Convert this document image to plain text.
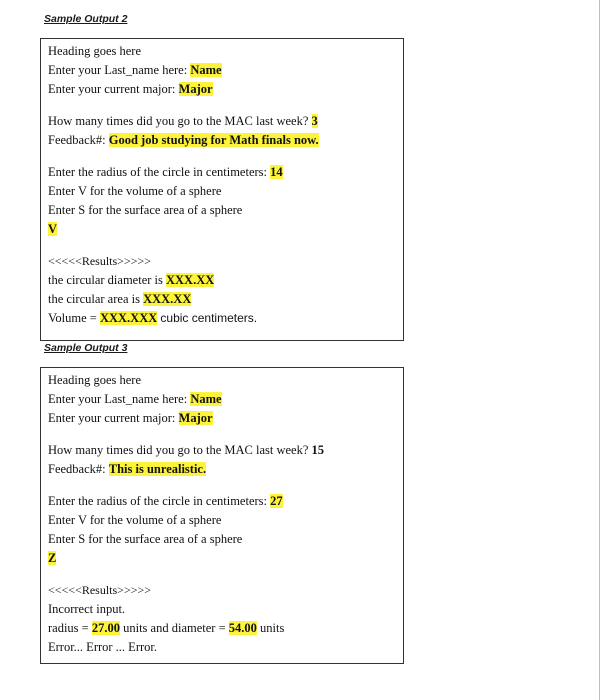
Sample Output 2
Heading goes here
Enter your Last_name here: Name
Enter your current major: Major
How many times did you go to the MAC last week? 3
Feedback#: Good job studying for Math finals now.
Enter the radius of the circle in centimeters: 14
Enter V for the volume of a sphere
Enter S for the surface area of a sphere
V
<<<<<Results>>>>>
the circular diameter is XXX.XX
the circular area is XXX.XX
Volume = XXX.XXX cubic centimeters.
Sample Output 3
Heading goes here
Enter your Last_name here: Name
Enter your current major: Major
How many times did you go to the MAC last week? 15
Feedback#: This is unrealistic.
Enter the radius of the circle in centimeters: 27
Enter V for the volume of a sphere
Enter S for the surface area of a sphere
Z
<<<<<Results>>>>>
Incorrect input.
radius = 27.00 units and diameter = 54.00 units
Error... Error ... Error.
